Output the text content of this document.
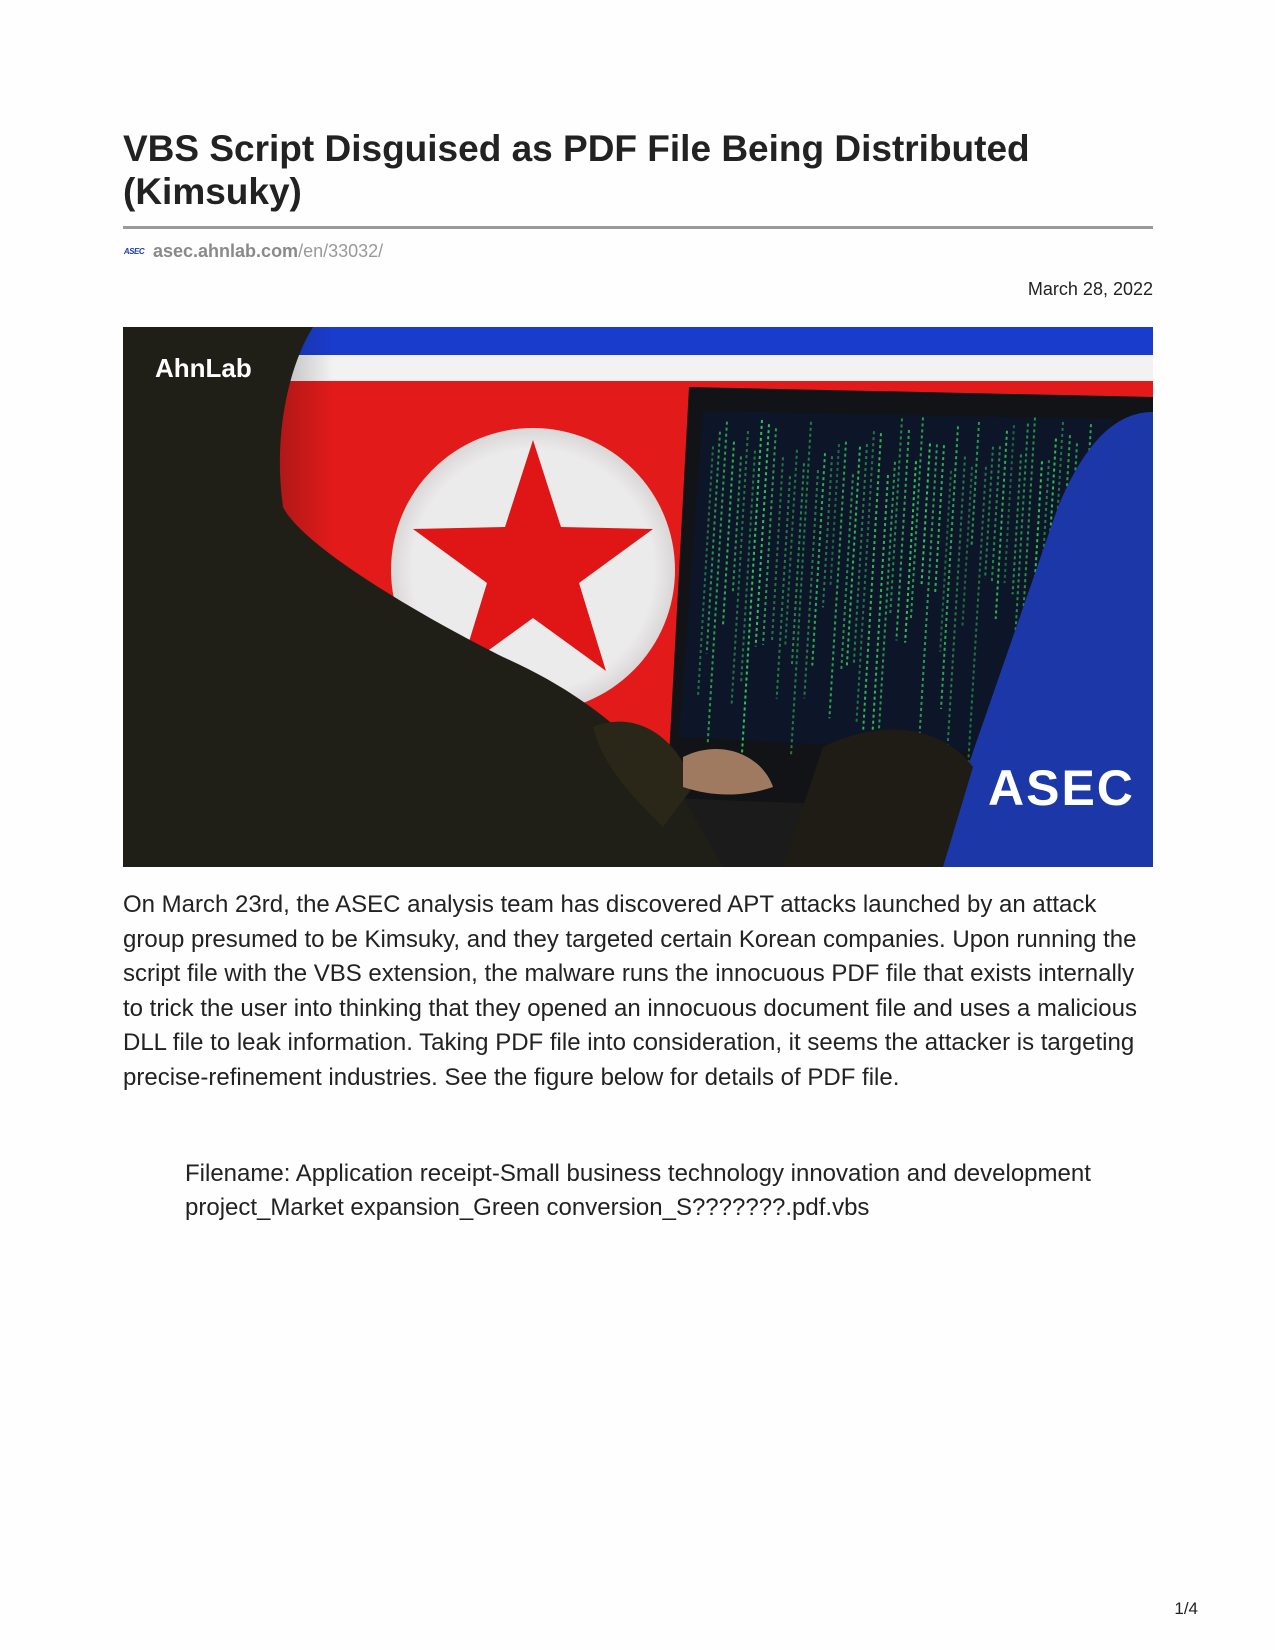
VBS Script Disguised as PDF File Being Distributed (Kimsuky)
ASEC asec.ahnlab.com /en/33032/
March 28, 2022
AhnLab
ASEC

On March 23rd, the ASEC analysis team has discovered APT attacks launched by an attack group presumed to be Kimsuky, and they targeted certain Korean companies. Upon running the script file with the VBS extension, the malware runs the innocuous PDF file that exists internally to trick the user into thinking that they opened an innocuous document file and uses a malicious DLL file to leak information. Taking PDF file into consideration, it seems the attacker is targeting precise-refinement industries. See the figure below for details of PDF file.

Filename: Application receipt-Small business technology innovation and development project_Market expansion_Green conversion_S???????.pdf.vbs

1/4
